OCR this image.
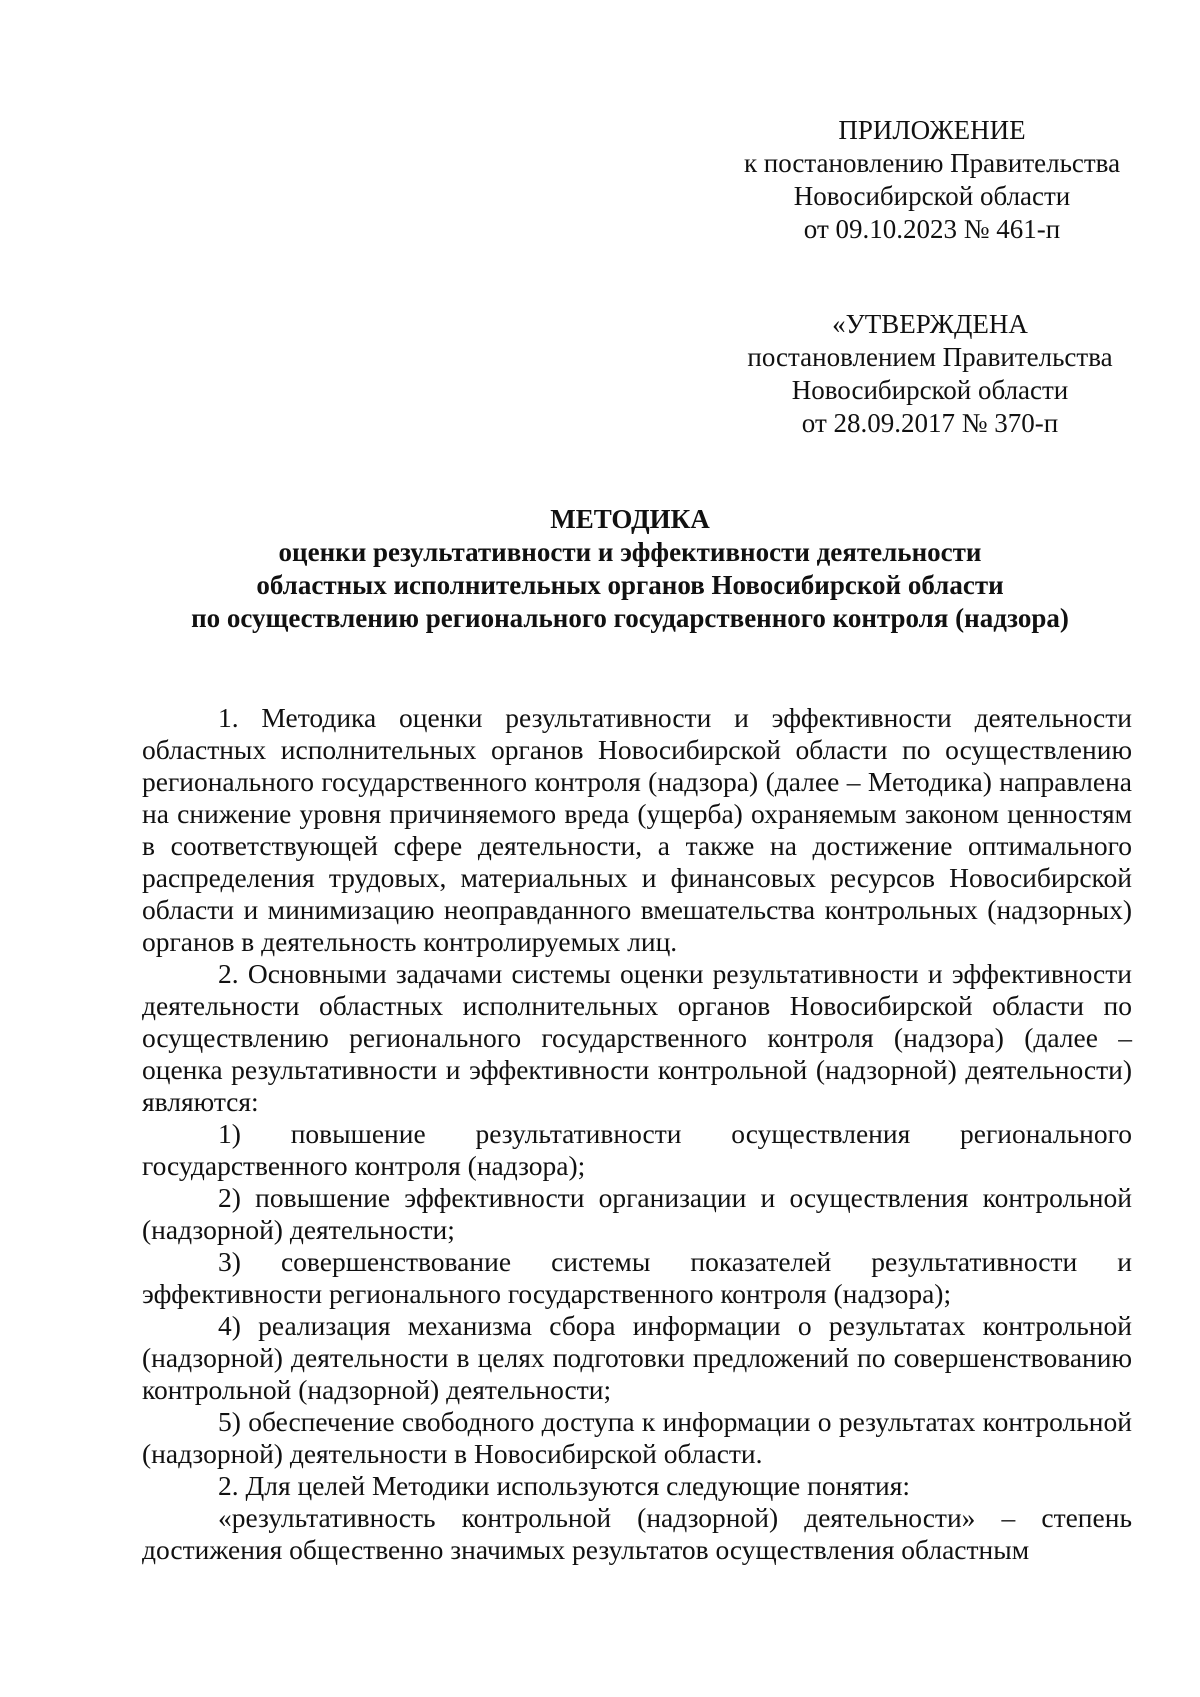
ПРИЛОЖЕНИЕ
к постановлению Правительства
Новосибирской области
от 09.10.2023 № 461-п
«УТВЕРЖДЕНА
постановлением Правительства
Новосибирской области
от 28.09.2017 № 370-п
МЕТОДИКА
оценки результативности и эффективности деятельности
областных исполнительных органов Новосибирской области
по осуществлению регионального государственного контроля (надзора)

1. Методика оценки результативности и эффективности деятельности областных исполнительных органов Новосибирской области по осуществлению регионального государственного контроля (надзора) (далее – Методика) направлена на снижение уровня причиняемого вреда (ущерба) охраняемым законом ценностям в соответствующей сфере деятельности, а также на достижение оптимального распределения трудовых, материальных и финансовых ресурсов Новосибирской области и минимизацию неоправданного вмешательства контрольных (надзорных) органов в деятельность контролируемых лиц.

2. Основными задачами системы оценки результативности и эффективности деятельности областных исполнительных органов Новосибирской области по осуществлению регионального государственного контроля (надзора) (далее – оценка результативности и эффективности контрольной (надзорной) деятельности) являются:

1) повышение результативности осуществления регионального государственного контроля (надзора);

2) повышение эффективности организации и осуществления контрольной (надзорной) деятельности;

3) совершенствование системы показателей результативности и эффективности регионального государственного контроля (надзора);

4) реализация механизма сбора информации о результатах контрольной (надзорной) деятельности в целях подготовки предложений по совершенствованию контрольной (надзорной) деятельности;

5) обеспечение свободного доступа к информации о результатах контрольной (надзорной) деятельности в Новосибирской области.

2. Для целей Методики используются следующие понятия:

«результативность контрольной (надзорной) деятельности» – степень достижения общественно значимых результатов осуществления областным
